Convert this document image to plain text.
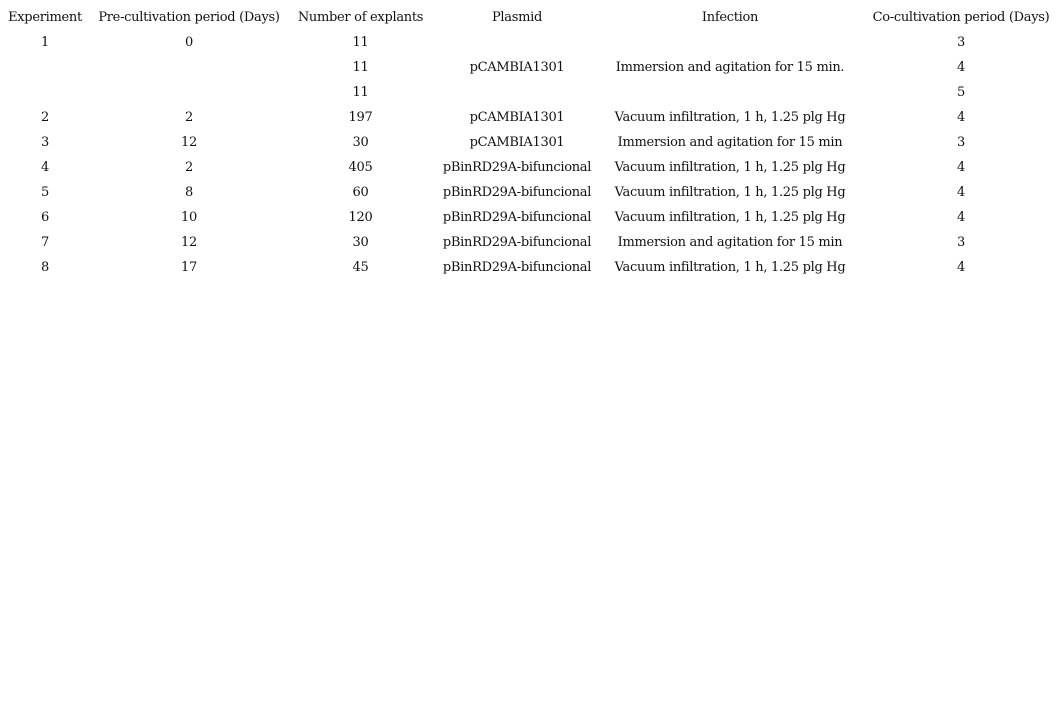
Experiment	Pre-cultivation period (Days)	Number of explants	Plasmid	Infection	Co-cultivation period (Days)
1	0	11			3
		11	pCAMBIA1301	Immersion and agitation for 15 min.	4
		11			5
2	2	197	pCAMBIA1301	Vacuum infiltration, 1 h, 1.25 plg Hg	4
3	12	30	pCAMBIA1301	Immersion and agitation for 15 min	3
4	2	405	pBinRD29A-bifuncional	Vacuum infiltration, 1 h, 1.25 plg Hg	4
5	8	60	pBinRD29A-bifuncional	Vacuum infiltration, 1 h, 1.25 plg Hg	4
6	10	120	pBinRD29A-bifuncional	Vacuum infiltration, 1 h, 1.25 plg Hg	4
7	12	30	pBinRD29A-bifuncional	Immersion and agitation for 15 min	3
8	17	45	pBinRD29A-bifuncional	Vacuum infiltration, 1 h, 1.25 plg Hg	4
